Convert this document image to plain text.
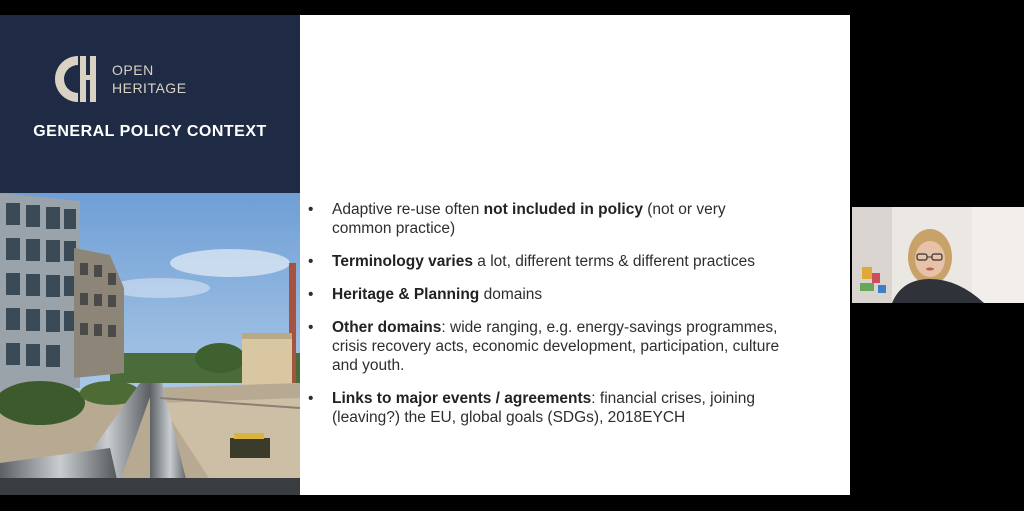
OPEN
HERITAGE
GENERAL POLICY CONTEXT
• Adaptive re-use often not included in policy (not or very common practice)
• Terminology varies a lot, different terms & different practices
• Heritage & Planning domains
• Other domains: wide ranging, e.g. energy-savings programmes, crisis recovery acts, economic development, participation, culture and youth.
• Links to major events / agreements: financial crises, joining (leaving?) the EU, global goals (SDGs), 2018EYCH
